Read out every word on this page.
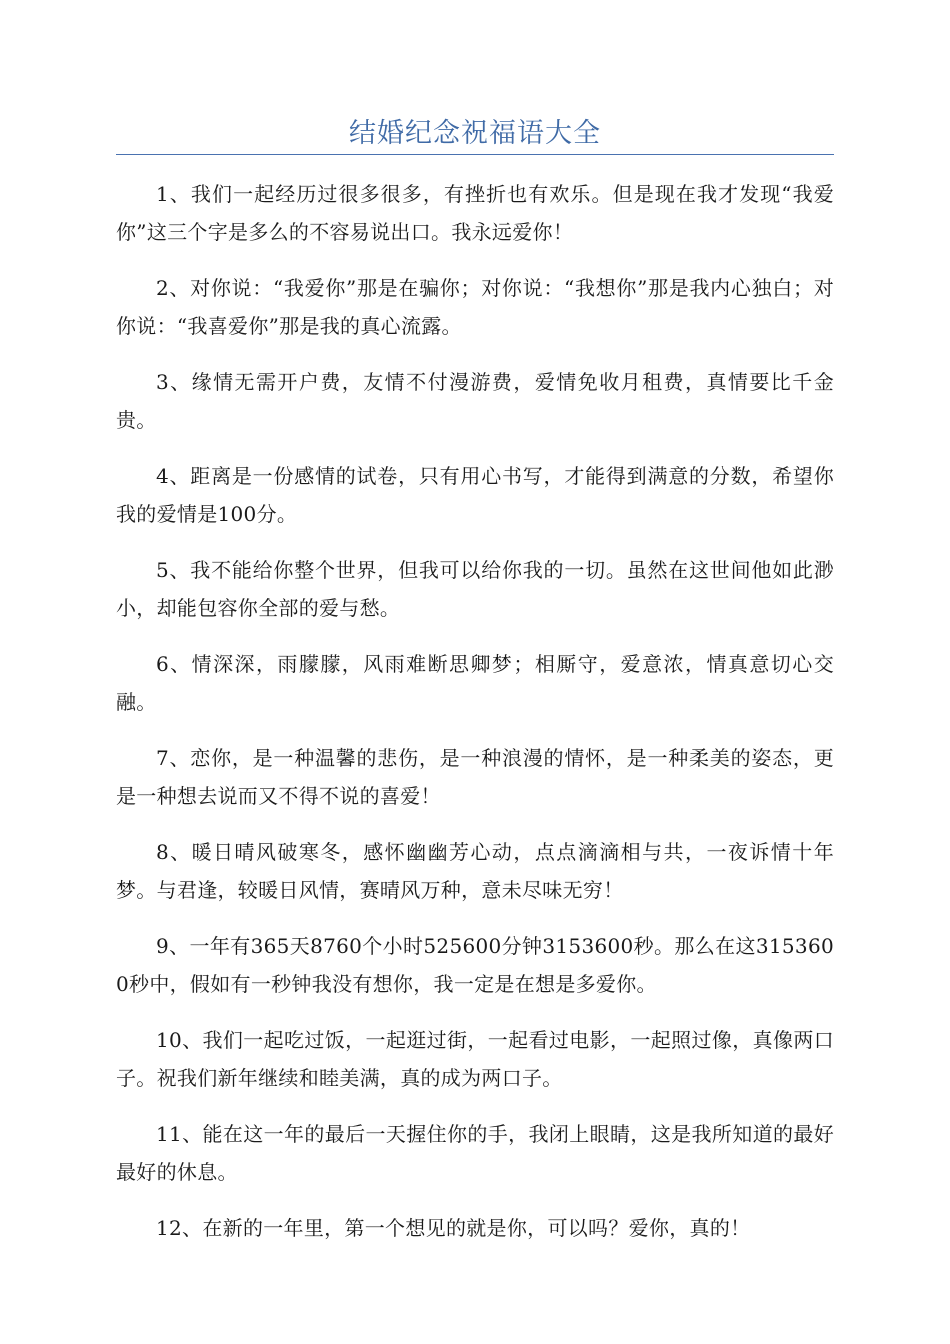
结婚纪念祝福语大全

1、我们一起经历过很多很多，有挫折也有欢乐。但是现在我才发现“我爱你”这三个字是多么的不容易说出口。我永远爱你！

2、对你说：“我爱你”那是在骗你；对你说：“我想你”那是我内心独白；对你说：“我喜爱你”那是我的真心流露。

3、缘情无需开户费，友情不付漫游费，爱情免收月租费，真情要比千金贵。

4、距离是一份感情的试卷，只有用心书写，才能得到满意的分数，希望你我的爱情是100分。

5、我不能给你整个世界，但我可以给你我的一切。虽然在这世间他如此渺小，却能包容你全部的爱与愁。

6、情深深，雨朦朦，风雨难断思卿梦；相厮守，爱意浓，情真意切心交融。

7、恋你，是一种温馨的悲伤，是一种浪漫的情怀，是一种柔美的姿态，更是一种想去说而又不得不说的喜爱！

8、暖日晴风破寒冬，感怀幽幽芳心动，点点滴滴相与共，一夜诉情十年梦。与君逢，较暖日风情，赛晴风万种，意未尽味无穷！

9、一年有365天8760个小时525600分钟3153600秒。那么在这3153600秒中，假如有一秒钟我没有想你，我一定是在想是多爱你。

10、我们一起吃过饭，一起逛过街，一起看过电影，一起照过像，真像两口子。祝我们新年继续和睦美满，真的成为两口子。

11、能在这一年的最后一天握住你的手，我闭上眼睛，这是我所知道的最好最好的休息。

12、在新的一年里，第一个想见的就是你，可以吗？爱你，真的！
